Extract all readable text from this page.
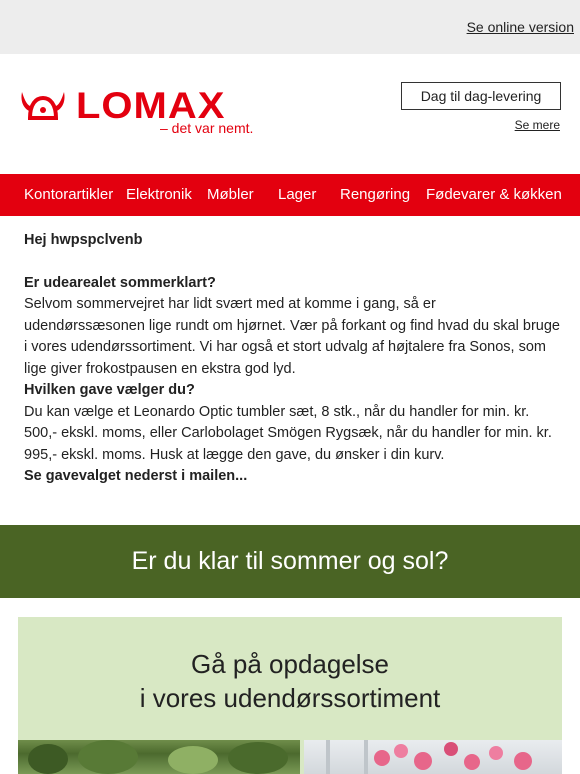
Se online version
LOMAX
– det var nemt.
Dag til dag-levering
Se mere
Kontorartikler Elektronik Møbler Lager Rengøring Fødevarer & køkken

Hej hwpspclvenb

Er udearealet sommerklart?

Selvom sommervejret har lidt svært med at komme i gang, så er udendørssæsonen lige rundt om hjørnet. Vær på forkant og find hvad du skal bruge i vores udendørssortiment. Vi har også et stort udvalg af højtalere fra Sonos, som lige giver frokostpausen en ekstra god lyd.

Hvilken gave vælger du?

Du kan vælge et Leonardo Optic tumbler sæt, 8 stk., når du handler for min. kr. 500,- ekskl. moms, eller Carlobolaget Smögen Rygsæk, når du handler for min. kr. 995,- ekskl. moms. Husk at lægge den gave, du ønsker i din kurv.

Se gavevalget nederst i mailen...

Er du klar til sommer og sol?
Gå på opdagelse
i vores udendørssortiment
